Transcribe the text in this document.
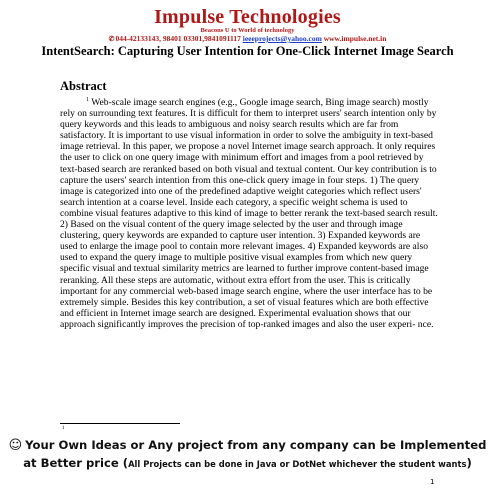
Impulse Technologies
Beacons U to World of technology
✆044-42133143, 98401 03301,9841091117 ieeeprojects@yahoo.com www.impulse.net.in
IntentSearch: Capturing User Intention for One-Click Internet Image Search
Abstract
$^1$ Web-scale image search engines (e.g., Google image search, Bing image search) mostly rely on surrounding text features. It is difficult for them to interpret users' search intention only by query keywords and this leads to ambiguous and noisy search results which are far from satisfactory. It is important to use visual information in order to solve the ambiguity in text-based image retrieval. In this paper, we propose a novel Internet image search approach. It only requires the user to click on one query image with minimum effort and images from a pool retrieved by text-based search are reranked based on both visual and textual content. Our key contribution is to capture the users' search intention from this one-click query image in four steps. 1) The query image is categorized into one of the predefined adaptive weight categories which reflect users' search intention at a coarse level. Inside each category, a specific weight schema is used to combine visual features adaptive to this kind of image to better rerank the text-based search result. 2) Based on the visual content of the query image selected by the user and through image clustering, query keywords are expanded to capture user intention. 3) Expanded keywords are used to enlarge the image pool to contain more relevant images. 4) Expanded keywords are also used to expand the query image to multiple positive visual examples from which new query specific visual and textual similarity metrics are learned to further improve content-based image reranking. All these steps are automatic, without extra effort from the user. This is critically important for any commercial web-based image search engine, where the user interface has to be extremely simple. Besides this key contribution, a set of visual features which are both effective and efficient in Internet image search are designed. Experimental evaluation shows that our approach significantly improves the precision of top-ranked images and also the user experi- nce.
1
☺ Your Own Ideas or Any project from any company can be Implemented
at Better price (All Projects can be done in Java or DotNet whichever the student wants)
1
